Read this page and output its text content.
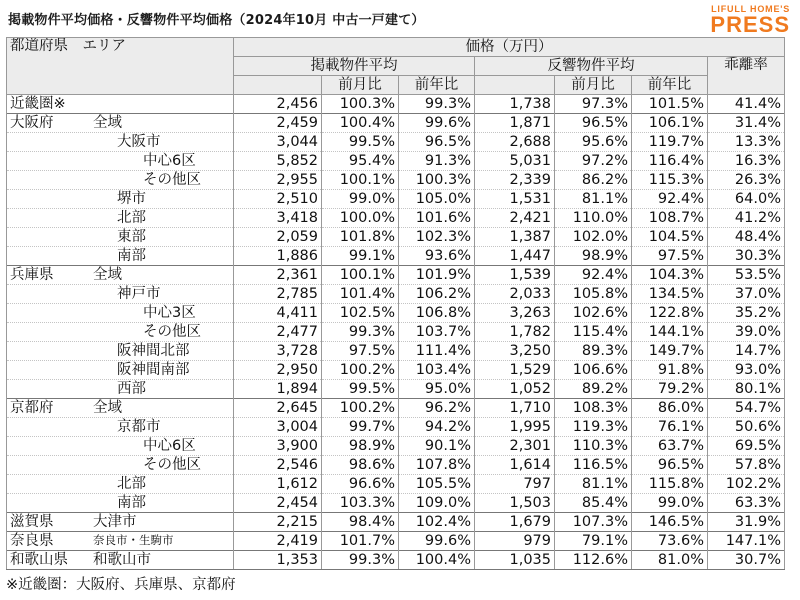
掲載物件平均価格・反響物件平均価格（2024年10月 中古一戸建て）
LIFULL HOME'S
PRESS
都道府県　エリア	価格（万円）						
	掲載物件平均			反響物件平均			乖離率
		前月比	前年比		前月比	前年比	
近畿圏※	2,456	100.3%	99.3%	1,738	97.3%	101.5%	41.4%
大阪府 全域	2,459	100.4%	99.6%	1,871	96.5%	106.1%	31.4%

大阪市	3,044	99.5%	96.5%	2,688	95.6%	119.7%	13.3%

中心6区	5,852	95.4%	91.3%	5,031	97.2%	116.4%	16.3%

その他区	2,955	100.1%	100.3%	2,339	86.2%	115.3%	26.3%

堺市	2,510	99.0%	105.0%	1,531	81.1%	92.4%	64.0%

北部	3,418	100.0%	101.6%	2,421	110.0%	108.7%	41.2%

東部	2,059	101.8%	102.3%	1,387	102.0%	104.5%	48.4%

南部	1,886	99.1%	93.6%	1,447	98.9%	97.5%	30.3%
兵庫県 全域	2,361	100.1%	101.9%	1,539	92.4%	104.3%	53.5%

神戸市	2,785	101.4%	106.2%	2,033	105.8%	134.5%	37.0%

中心3区	4,411	102.5%	106.8%	3,263	102.6%	122.8%	35.2%

その他区	2,477	99.3%	103.7%	1,782	115.4%	144.1%	39.0%

阪神間北部	3,728	97.5%	111.4%	3,250	89.3%	149.7%	14.7%

阪神間南部	2,950	100.2%	103.4%	1,529	106.6%	91.8%	93.0%

西部	1,894	99.5%	95.0%	1,052	89.2%	79.2%	80.1%
京都府 全域	2,645	100.2%	96.2%	1,710	108.3%	86.0%	54.7%

京都市	3,004	99.7%	94.2%	1,995	119.3%	76.1%	50.6%

中心6区	3,900	98.9%	90.1%	2,301	110.3%	63.7%	69.5%

その他区	2,546	98.6%	107.8%	1,614	116.5%	96.5%	57.8%

北部	1,612	96.6%	105.5%	797	81.1%	115.8%	102.2%

南部	2,454	103.3%	109.0%	1,503	85.4%	99.0%	63.3%
滋賀県 大津市	2,215	98.4%	102.4%	1,679	107.3%	146.5%	31.9%
奈良県 奈良市・生駒市	2,419	101.7%	99.6%	979	79.1%	73.6%	147.1%
和歌山県 和歌山市	1,353	99.3%	100.4%	1,035	112.6%	81.0%	30.7%
※近畿圏：大阪府、兵庫県、京都府
